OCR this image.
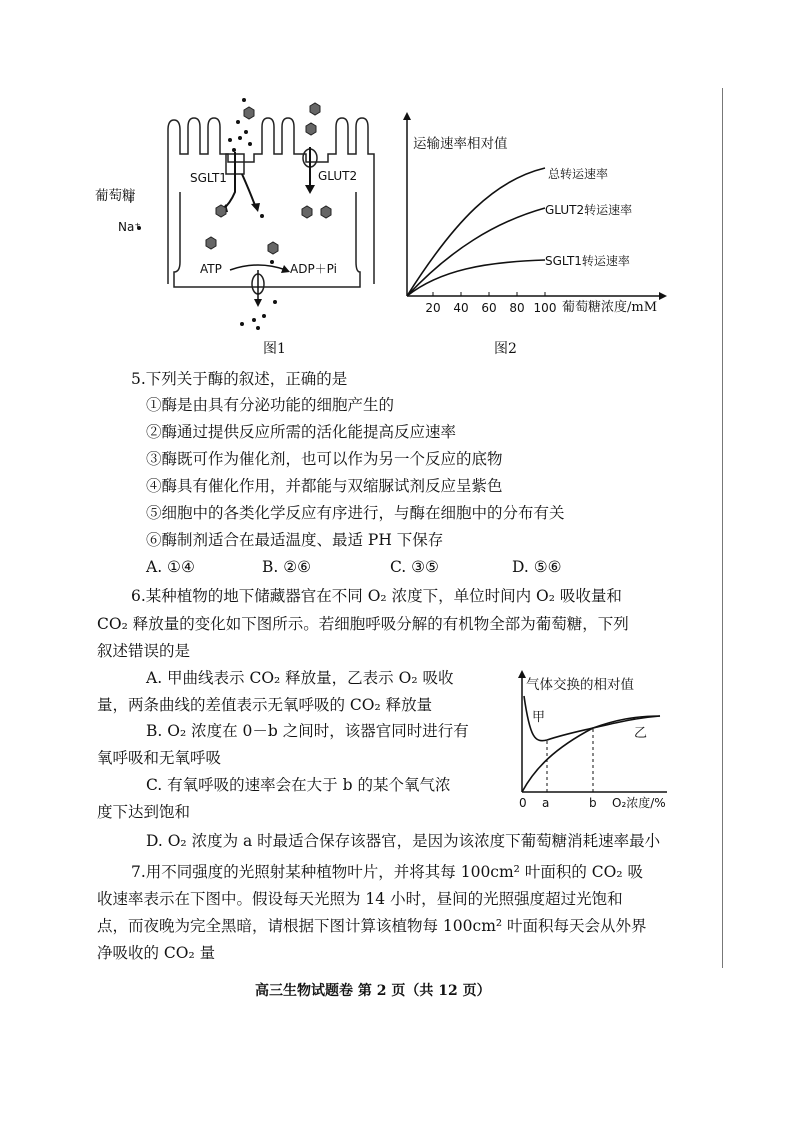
SGLT1	GLUT2
葡萄糖
Na⁺
ATP	ADP＋Pi
图1
20 40 60 80 100
运输速率相对值
总转运速率
GLUT2转运速率
SGLT1转运速率
葡萄糖浓度/mM
图2
5.下列关于酶的叙述，正确的是
①酶是由具有分泌功能的细胞产生的
②酶通过提供反应所需的活化能提高反应速率
③酶既可作为催化剂，也可以作为另一个反应的底物
④酶具有催化作用，并都能与双缩脲试剂反应呈紫色
⑤细胞中的各类化学反应有序进行，与酶在细胞中的分布有关
⑥酶制剂适合在最适温度、最适 PH 下保存
A. ①④	B. ②⑥	C. ③⑤	D. ⑤⑥
6.某种植物的地下储藏器官在不同 O₂ 浓度下，单位时间内 O₂ 吸收量和
CO₂ 释放量的变化如下图所示。若细胞呼吸分解的有机物全部为葡萄糖，下列
叙述错误的是
A. 甲曲线表示 CO₂ 释放量，乙表示 O₂ 吸收
量，两条曲线的差值表示无氧呼吸的 CO₂ 释放量
B. O₂ 浓度在 0－b 之间时，该器官同时进行有
氧呼吸和无氧呼吸
C. 有氧呼吸的速率会在大于 b 的某个氧气浓
度下达到饱和
D. O₂ 浓度为 a 时最适合保存该器官，是因为该浓度下葡萄糖消耗速率最小
气体交换的相对值
甲
乙
0 a	b O₂浓度/%
7.用不同强度的光照射某种植物叶片，并将其每 100cm² 叶面积的 CO₂ 吸
收速率表示在下图中。假设每天光照为 14 小时，昼间的光照强度超过光饱和
点，而夜晚为完全黑暗，请根据下图计算该植物每 100cm² 叶面积每天会从外界
净吸收的 CO₂ 量
高三生物试题卷 第 2 页（共 12 页）
